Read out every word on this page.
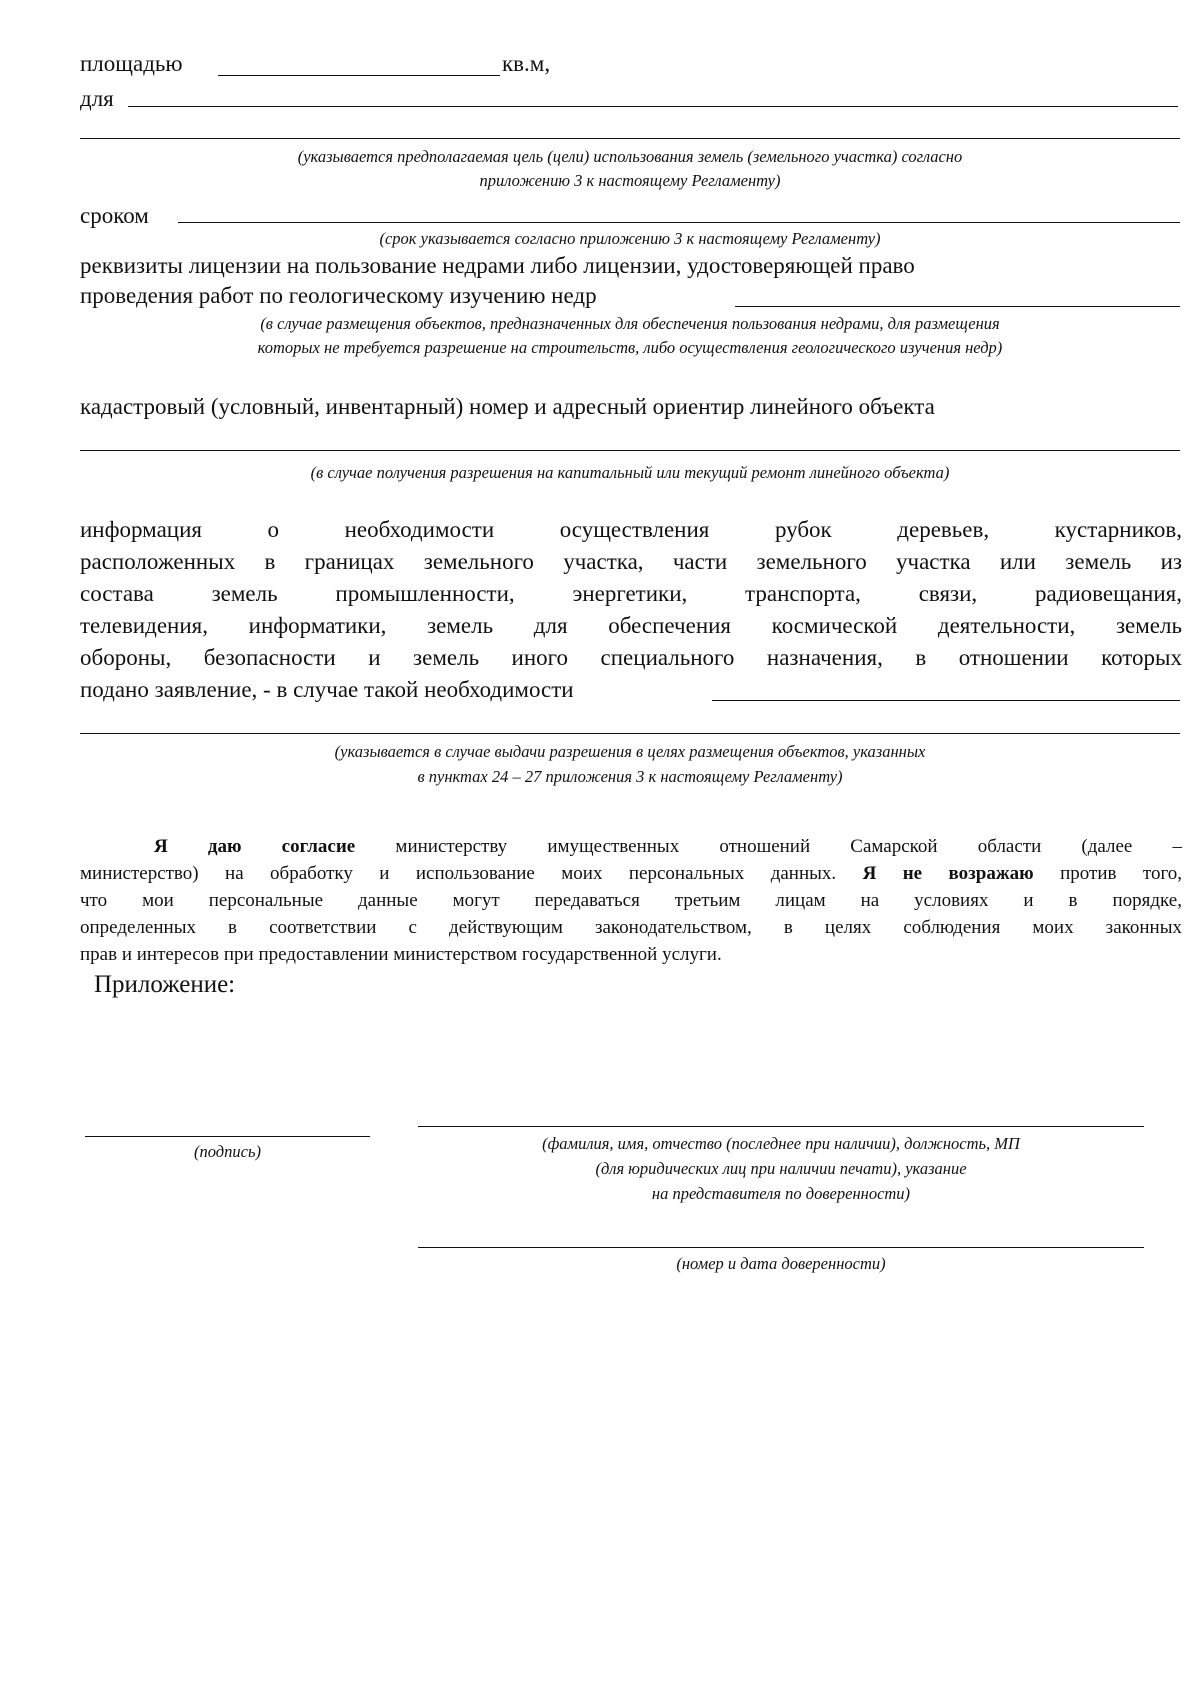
площадью	кв.м,
для
(указывается предполагаемая цель (цели) использования земель (земельного участка) согласно
приложению 3 к настоящему Регламенту)
сроком
(срок указывается согласно приложению 3 к настоящему Регламенту)
реквизиты лицензии на пользование недрами либо лицензии, удостоверяющей право
проведения работ по геологическому изучению недр
(в случае размещения объектов, предназначенных для обеспечения пользования недрами, для размещения
которых не требуется разрешение на строительств, либо осуществления геологического изучения недр)
кадастровый (условный, инвентарный) номер и адресный ориентир линейного объекта
(в случае получения разрешения на капитальный или текущий ремонт линейного объекта)
информация о необходимости осуществления рубок деревьев, кустарников,
расположенных в границах земельного участка, части земельного участка или земель из
состава земель промышленности, энергетики, транспорта, связи, радиовещания,
телевидения, информатики, земель для обеспечения космической деятельности, земель
обороны, безопасности и земель иного специального назначения, в отношении которых
подано заявление, - в случае такой необходимости
(указывается в случае выдачи разрешения в целях размещения объектов, указанных
в пунктах 24 – 27 приложения 3 к настоящему Регламенту)
Я даю согласие министерству имущественных отношений Самарской области (далее –
министерство) на обработку и использование моих персональных данных. Я не возражаю против того,
что мои персональные данные могут передаваться третьим лицам на условиях и в порядке,
определенных в соответствии с действующим законодательством, в целях соблюдения моих законных
прав и интересов при предоставлении министерством государственной услуги.
Приложение:
(подпись)	(фамилия, имя, отчество (последнее при наличии), должность, МП
(для юридических лиц при наличии печати), указание
на представителя по доверенности)
(номер и дата доверенности)
